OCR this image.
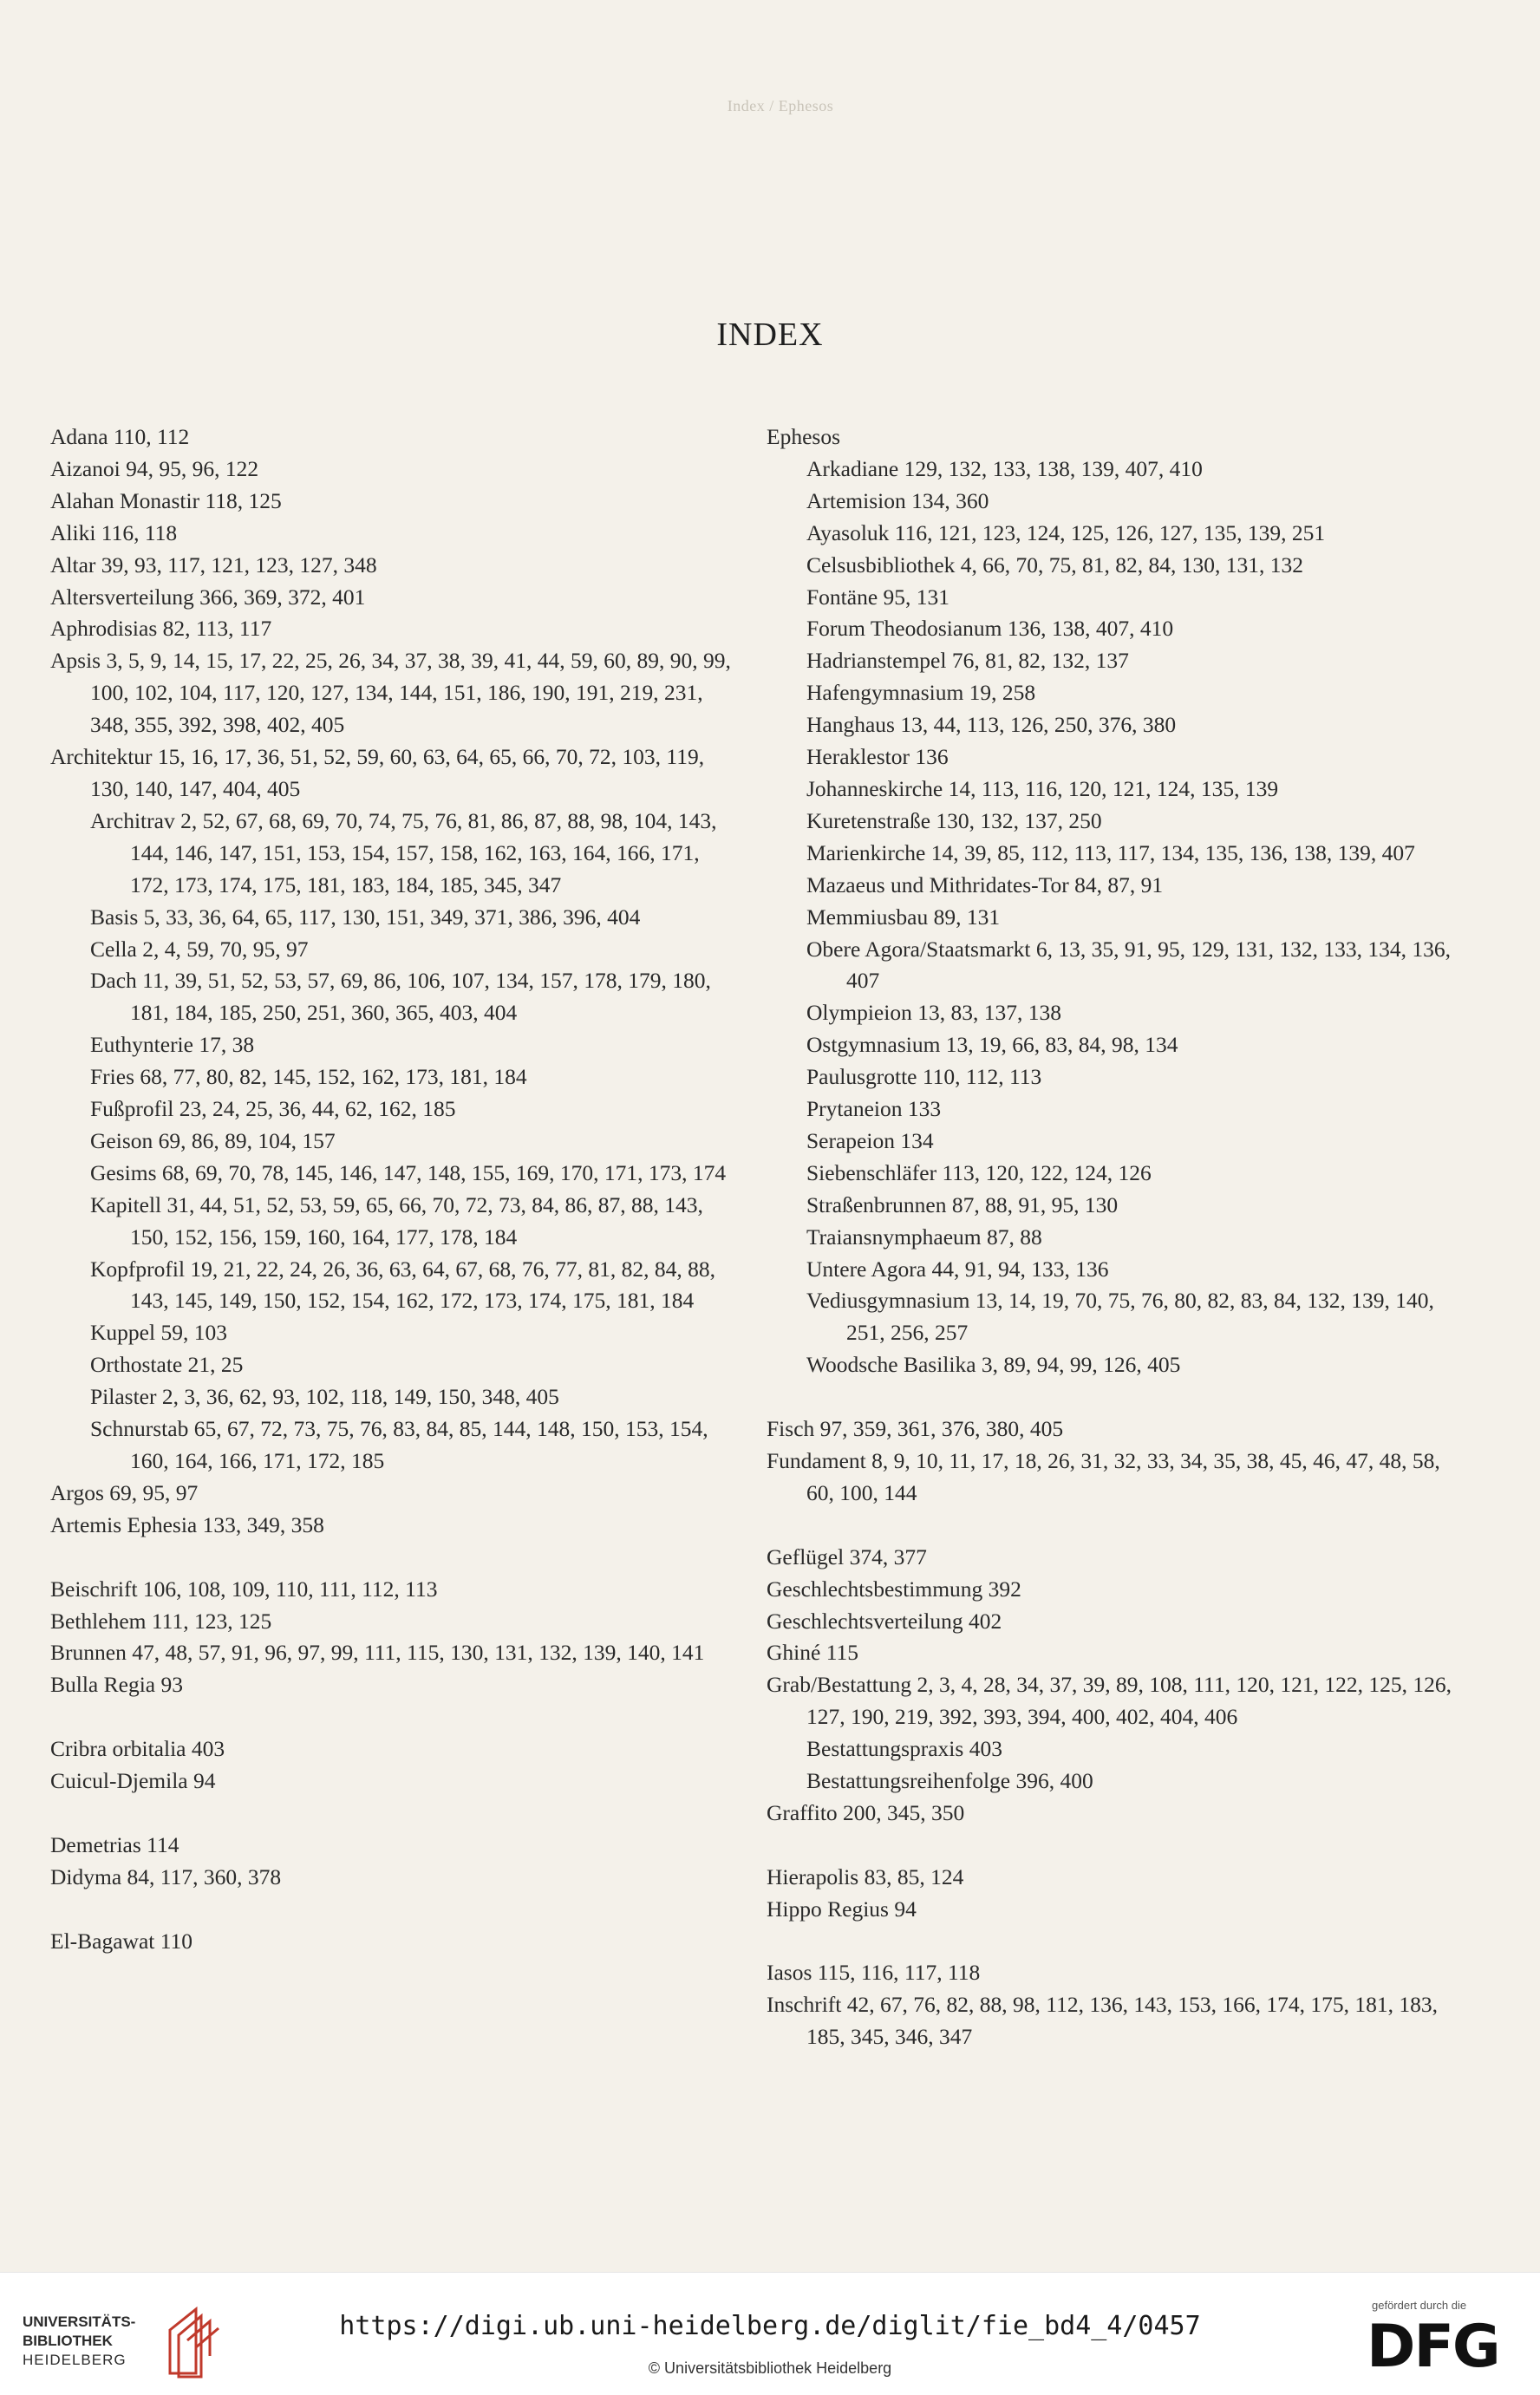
Index / Ephesos
INDEX
Adana 110, 112
Aizanoi 94, 95, 96, 122
Alahan Monastir 118, 125
Aliki 116, 118
Altar 39, 93, 117, 121, 123, 127, 348
Altersverteilung 366, 369, 372, 401
Aphrodisias 82, 113, 117
Apsis 3, 5, 9, 14, 15, 17, 22, 25, 26, 34, 37, 38, 39, 41, 44, 59, 60, 89, 90, 99, 100, 102, 104, 117, 120, 127, 134, 144, 151, 186, 190, 191, 219, 231, 348, 355, 392, 398, 402, 405
Architektur 15, 16, 17, 36, 51, 52, 59, 60, 63, 64, 65, 66, 70, 72, 103, 119, 130, 140, 147, 404, 405
Architrav 2, 52, 67, 68, 69, 70, 74, 75, 76, 81, 86, 87, 88, 98, 104, 143, 144, 146, 147, 151, 153, 154, 157, 158, 162, 163, 164, 166, 171, 172, 173, 174, 175, 181, 183, 184, 185, 345, 347
Basis 5, 33, 36, 64, 65, 117, 130, 151, 349, 371, 386, 396, 404
Cella 2, 4, 59, 70, 95, 97
Dach 11, 39, 51, 52, 53, 57, 69, 86, 106, 107, 134, 157, 178, 179, 180, 181, 184, 185, 250, 251, 360, 365, 403, 404
Euthynterie 17, 38
Fries 68, 77, 80, 82, 145, 152, 162, 173, 181, 184
Fußprofil 23, 24, 25, 36, 44, 62, 162, 185
Geison 69, 86, 89, 104, 157
Gesims 68, 69, 70, 78, 145, 146, 147, 148, 155, 169, 170, 171, 173, 174
Kapitell 31, 44, 51, 52, 53, 59, 65, 66, 70, 72, 73, 84, 86, 87, 88, 143, 150, 152, 156, 159, 160, 164, 177, 178, 184
Kopfprofil 19, 21, 22, 24, 26, 36, 63, 64, 67, 68, 76, 77, 81, 82, 84, 88, 143, 145, 149, 150, 152, 154, 162, 172, 173, 174, 175, 181, 184
Kuppel 59, 103
Orthostate 21, 25
Pilaster 2, 3, 36, 62, 93, 102, 118, 149, 150, 348, 405
Schnurstab 65, 67, 72, 73, 75, 76, 83, 84, 85, 144, 148, 150, 153, 154, 160, 164, 166, 171, 172, 185
Argos 69, 95, 97
Artemis Ephesia 133, 349, 358
Beischrift 106, 108, 109, 110, 111, 112, 113
Bethlehem 111, 123, 125
Brunnen 47, 48, 57, 91, 96, 97, 99, 111, 115, 130, 131, 132, 139, 140, 141
Bulla Regia 93
Cribra orbitalia 403
Cuicul-Djemila 94
Demetrias 114
Didyma 84, 117, 360, 378
El-Bagawat 110
Ephesos
Arkadiane 129, 132, 133, 138, 139, 407, 410
Artemision 134, 360
Ayasoluk 116, 121, 123, 124, 125, 126, 127, 135, 139, 251
Celsusbibliothek 4, 66, 70, 75, 81, 82, 84, 130, 131, 132
Fontäne 95, 131
Forum Theodosianum 136, 138, 407, 410
Hadrianstempel 76, 81, 82, 132, 137
Hafengymnasium 19, 258
Hanghaus 13, 44, 113, 126, 250, 376, 380
Heraklestor 136
Johanneskirche 14, 113, 116, 120, 121, 124, 135, 139
Kuretenstraße 130, 132, 137, 250
Marienkirche 14, 39, 85, 112, 113, 117, 134, 135, 136, 138, 139, 407
Mazaeus und Mithridates-Tor 84, 87, 91
Memmiusbau 89, 131
Obere Agora/Staatsmarkt 6, 13, 35, 91, 95, 129, 131, 132, 133, 134, 136, 407
Olympieion 13, 83, 137, 138
Ostgymnasium 13, 19, 66, 83, 84, 98, 134
Paulusgrotte 110, 112, 113
Prytaneion 133
Serapeion 134
Siebenschläfer 113, 120, 122, 124, 126
Straßenbrunnen 87, 88, 91, 95, 130
Traiansnymphaeum 87, 88
Untere Agora 44, 91, 94, 133, 136
Vediusgymnasium 13, 14, 19, 70, 75, 76, 80, 82, 83, 84, 132, 139, 140, 251, 256, 257
Woodsche Basilika 3, 89, 94, 99, 126, 405
Fisch 97, 359, 361, 376, 380, 405
Fundament 8, 9, 10, 11, 17, 18, 26, 31, 32, 33, 34, 35, 38, 45, 46, 47, 48, 58, 60, 100, 144
Geflügel 374, 377
Geschlechtsbestimmung 392
Geschlechtsverteilung 402
Ghiné 115
Grab/Bestattung 2, 3, 4, 28, 34, 37, 39, 89, 108, 111, 120, 121, 122, 125, 126, 127, 190, 219, 392, 393, 394, 400, 402, 404, 406
Bestattungspraxis 403
Bestattungsreihenfolge 396, 400
Graffito 200, 345, 350
Hierapolis 83, 85, 124
Hippo Regius 94
Iasos 115, 116, 117, 118
Inschrift 42, 67, 76, 82, 88, 98, 112, 136, 143, 153, 166, 174, 175, 181, 183, 185, 345, 346, 347
UNIVERSITÄTS-
BIBLIOTHEK
HEIDELBERG
https://digi.ub.uni-heidelberg.de/diglit/fie_bd4_4/0457
© Universitätsbibliothek Heidelberg
gefördert durch die
DFG
